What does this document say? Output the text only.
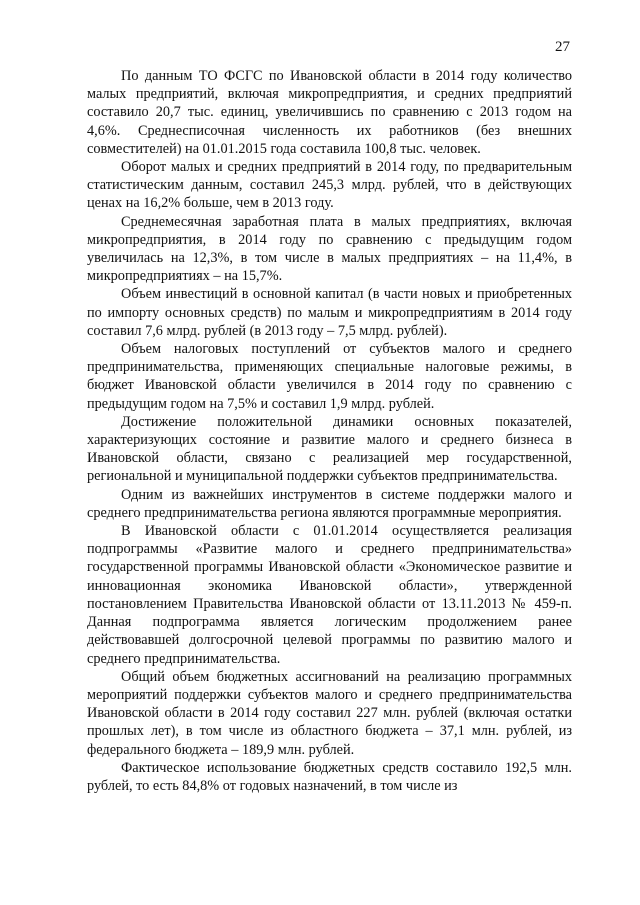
27

По данным ТО ФСГС по Ивановской области в 2014 году количество малых предприятий, включая микропредприятия, и средних предприятий составило 20,7 тыс. единиц, увеличившись по сравнению с 2013 годом на 4,6%. Среднесписочная численность их работников (без внешних совместителей) на 01.01.2015 года составила 100,8 тыс. человек.

Оборот малых и средних предприятий в 2014 году, по предварительным статистическим данным, составил 245,3 млрд. рублей, что в действующих ценах на 16,2% больше, чем в 2013 году.

Среднемесячная заработная плата в малых предприятиях, включая микропредприятия, в 2014 году по сравнению с предыдущим годом увеличилась на 12,3%, в том числе в малых предприятиях – на 11,4%, в микропредприятиях – на 15,7%.

Объем инвестиций в основной капитал (в части новых и приобретенных по импорту основных средств) по малым и микропредприятиям в 2014 году составил 7,6 млрд. рублей (в 2013 году – 7,5 млрд. рублей).

Объем налоговых поступлений от субъектов малого и среднего предпринимательства, применяющих специальные налоговые режимы, в бюджет Ивановской области увеличился в 2014 году по сравнению с предыдущим годом на 7,5% и составил 1,9 млрд. рублей.

Достижение положительной динамики основных показателей, характеризующих состояние и развитие малого и среднего бизнеса в Ивановской области, связано с реализацией мер государственной, региональной и муниципальной поддержки субъектов предпринимательства.

Одним из важнейших инструментов в системе поддержки малого и среднего предпринимательства региона являются программные мероприятия.

В Ивановской области с 01.01.2014 осуществляется реализация подпрограммы «Развитие малого и среднего предпринимательства» государственной программы Ивановской области «Экономическое развитие и инновационная экономика Ивановской области», утвержденной постановлением Правительства Ивановской области от 13.11.2013 № 459-п. Данная подпрограмма является логическим продолжением ранее действовавшей долгосрочной целевой программы по развитию малого и среднего предпринимательства.

Общий объем бюджетных ассигнований на реализацию программных мероприятий поддержки субъектов малого и среднего предпринимательства Ивановской области в 2014 году составил 227 млн. рублей (включая остатки прошлых лет), в том числе из областного бюджета – 37,1 млн. рублей, из федерального бюджета – 189,9 млн. рублей.

Фактическое использование бюджетных средств составило 192,5 млн. рублей, то есть 84,8% от годовых назначений, в том числе из
